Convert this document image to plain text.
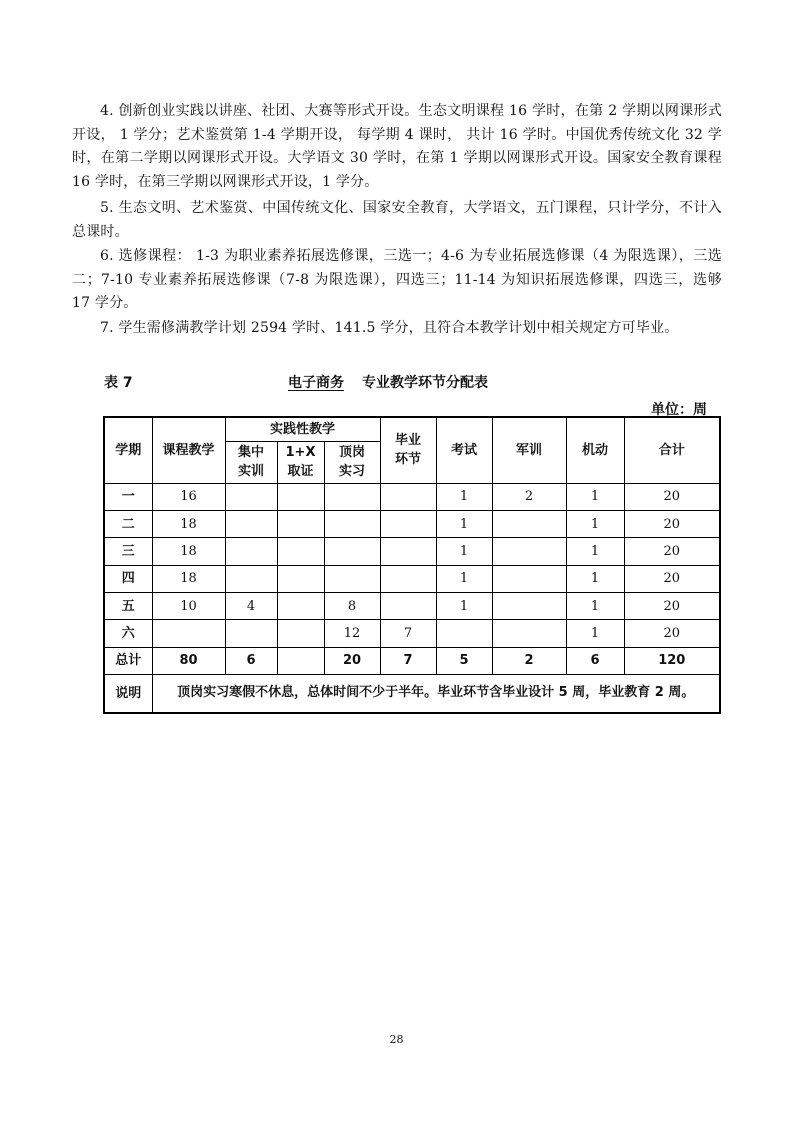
4. 创新创业实践以讲座、社团、大赛等形式开设。生态文明课程 16 学时，在第 2 学期以网课形式开设， 1 学分；艺术鉴赏第 1-4 学期开设， 每学期 4 课时， 共计 16 学时。中国优秀传统文化 32 学时，在第二学期以网课形式开设。大学语文 30 学时，在第 1 学期以网课形式开设。国家安全教育课程 16 学时，在第三学期以网课形式开设，1 学分。

5. 生态文明、艺术鉴赏、中国传统文化、国家安全教育，大学语文，五门课程，只计学分，不计入总课时。

6. 选修课程： 1-3 为职业素养拓展选修课，三选一；4-6 为专业拓展选修课（4 为限选课），三选二；7-10 专业素养拓展选修课（7-8 为限选课），四选三；11-14 为知识拓展选修课，四选三，选够 17 学分。

7. 学生需修满教学计划 2594 学时、141.5 学分，且符合本教学计划中相关规定方可毕业。

表 7	电子商务 专业教学环节分配表
单位：周
学期	课程教学	实践性教学			毕业环节	考试	军训	机动	合计
		集中实训	1+X 取证	顶岗实习					
一	16					1	2	1	20
二	18					1		1	20
三	18					1		1	20
四	18					1		1	20
五	10	4		8		1		1	20
六				12	7			1	20
总计	80	6		20	7	5	2	6	120
说明	顶岗实习寒假不休息，总体时间不少于半年。毕业环节含毕业设计 5 周，毕业教育 2 周。								
28
